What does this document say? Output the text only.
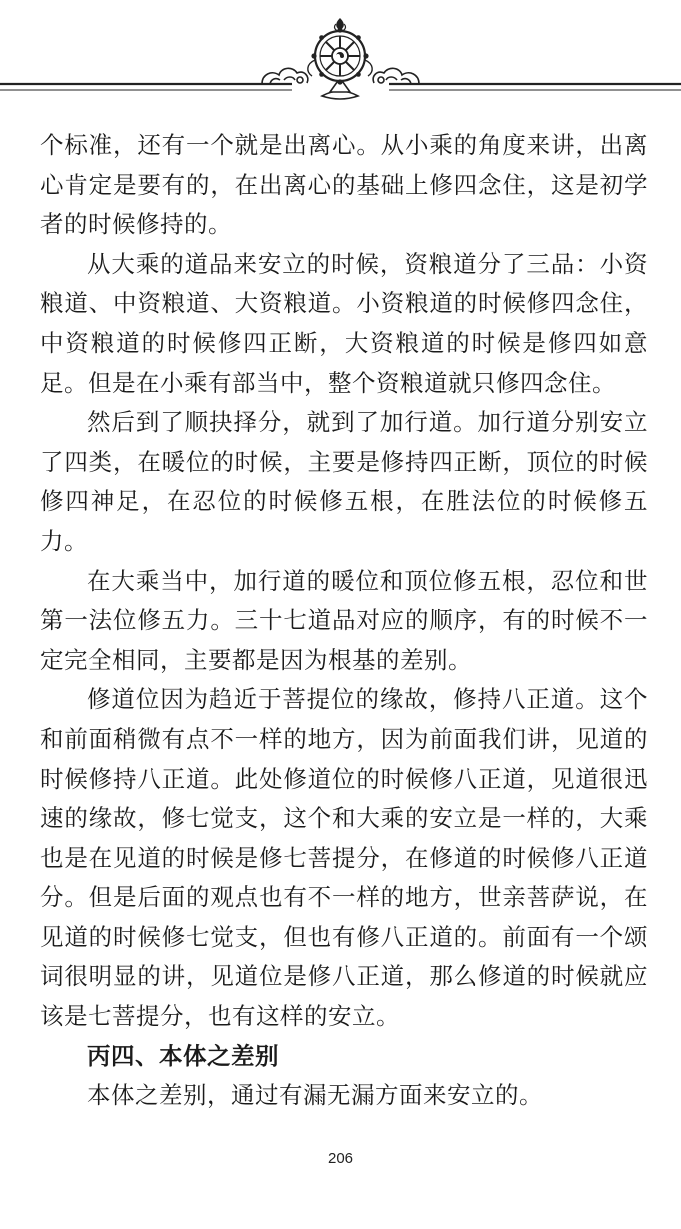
个标准，还有一个就是出离心。从小乘的角度来讲，出离心肯定是要有的，在出离心的基础上修四念住，这是初学者的时候修持的。

从大乘的道品来安立的时候，资粮道分了三品：小资粮道、中资粮道、大资粮道。小资粮道的时候修四念住，中资粮道的时候修四正断，大资粮道的时候是修四如意足。但是在小乘有部当中，整个资粮道就只修四念住。

然后到了顺抉择分，就到了加行道。加行道分别安立了四类，在暖位的时候，主要是修持四正断，顶位的时候修四神足，在忍位的时候修五根，在胜法位的时候修五力。

在大乘当中，加行道的暖位和顶位修五根，忍位和世第一法位修五力。三十七道品对应的顺序，有的时候不一定完全相同，主要都是因为根基的差别。

修道位因为趋近于菩提位的缘故，修持八正道。这个和前面稍微有点不一样的地方，因为前面我们讲，见道的时候修持八正道。此处修道位的时候修八正道，见道很迅速的缘故，修七觉支，这个和大乘的安立是一样的，大乘也是在见道的时候是修七菩提分，在修道的时候修八正道分。但是后面的观点也有不一样的地方，世亲菩萨说，在见道的时候修七觉支，但也有修八正道的。前面有一个颂词很明显的讲，见道位是修八正道，那么修道的时候就应该是七菩提分，也有这样的安立。

丙四、本体之差别

本体之差别，通过有漏无漏方面来安立的。

206
